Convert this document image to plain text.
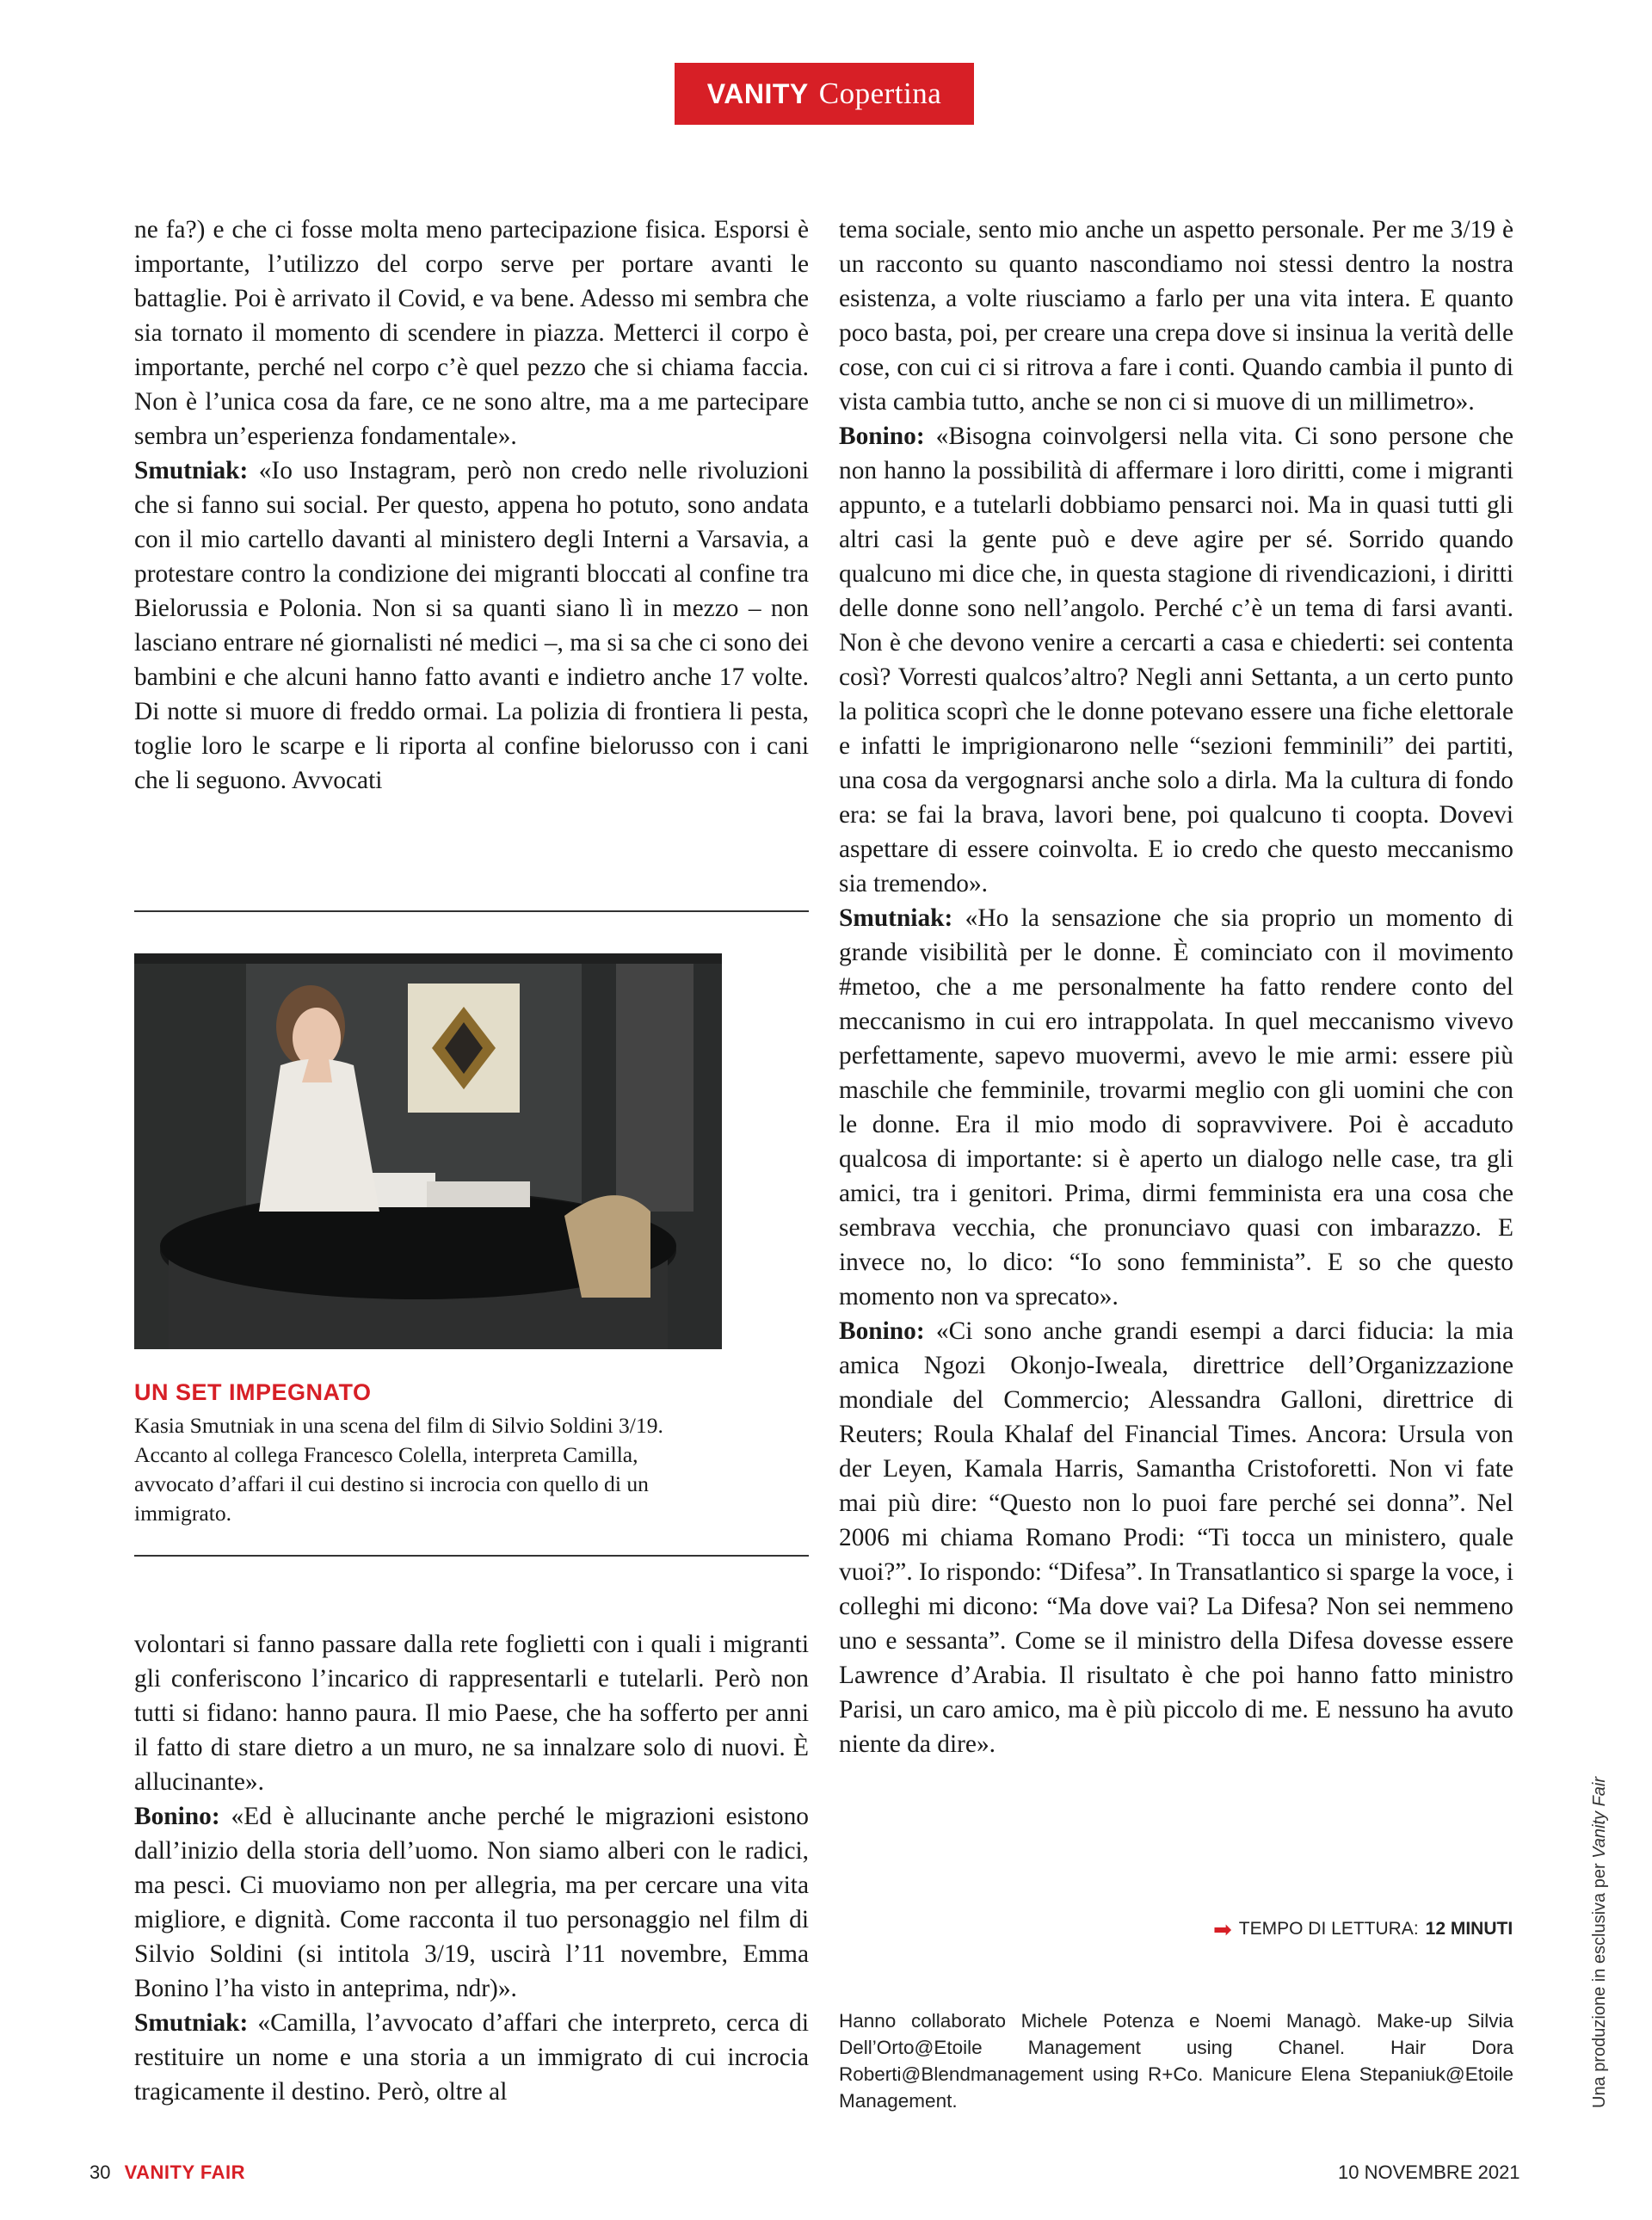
VANITY Copertina

ne fa?) e che ci fosse molta meno partecipazione fisica. Esporsi è importante, l’utilizzo del corpo serve per portare avanti le battaglie. Poi è arrivato il Covid, e va bene. Adesso mi sembra che sia tornato il momento di scendere in piazza. Metterci il corpo è importante, perché nel corpo c’è quel pezzo che si chiama faccia. Non è l’unica cosa da fare, ce ne sono altre, ma a me partecipare sembra un’esperienza fondamentale».

Smutniak: «Io uso Instagram, però non credo nelle rivoluzioni che si fanno sui social. Per questo, appena ho potuto, sono andata con il mio cartello davanti al ministero degli Interni a Varsavia, a protestare contro la condizione dei migranti bloccati al confine tra Bielorussia e Polonia. Non si sa quanti siano lì in mezzo – non lasciano entrare né giornalisti né medici –, ma si sa che ci sono dei bambini e che alcuni hanno fatto avanti e indietro anche 17 volte. Di notte si muore di freddo ormai. La polizia di frontiera li pesta, toglie loro le scarpe e li riporta al confine bielorusso con i cani che li seguono. Avvocati

UN SET IMPEGNATO
Kasia Smutniak in una scena del film di Silvio Soldini 3/19. Accanto al collega Francesco Colella, interpreta Camilla, avvocato d’affari il cui destino si incrocia con quello di un immigrato.

volontari si fanno passare dalla rete foglietti con i quali i migranti gli conferiscono l’incarico di rappresentarli e tutelarli. Però non tutti si fidano: hanno paura. Il mio Paese, che ha sofferto per anni il fatto di stare dietro a un muro, ne sa innalzare solo di nuovi. È allucinante».

Bonino: «Ed è allucinante anche perché le migrazioni esistono dall’inizio della storia dell’uomo. Non siamo alberi con le radici, ma pesci. Ci muoviamo non per allegria, ma per cercare una vita migliore, e dignità. Come racconta il tuo personaggio nel film di Silvio Soldini (si intitola 3/19, uscirà l’11 novembre, Emma Bonino l’ha visto in anteprima, ndr)».

Smutniak: «Camilla, l’avvocato d’affari che interpreto, cerca di restituire un nome e una storia a un immigrato di cui incrocia tragicamente il destino. Però, oltre al

tema sociale, sento mio anche un aspetto personale. Per me 3/19 è un racconto su quanto nascondiamo noi stessi dentro la nostra esistenza, a volte riusciamo a farlo per una vita intera. E quanto poco basta, poi, per creare una crepa dove si insinua la verità delle cose, con cui ci si ritrova a fare i conti. Quando cambia il punto di vista cambia tutto, anche se non ci si muove di un millimetro».

Bonino: «Bisogna coinvolgersi nella vita. Ci sono persone che non hanno la possibilità di affermare i loro diritti, come i migranti appunto, e a tutelarli dobbiamo pensarci noi. Ma in quasi tutti gli altri casi la gente può e deve agire per sé. Sorrido quando qualcuno mi dice che, in questa stagione di rivendicazioni, i diritti delle donne sono nell’angolo. Perché c’è un tema di farsi avanti. Non è che devono venire a cercarti a casa e chiederti: sei contenta così? Vorresti qualcos’altro? Negli anni Settanta, a un certo punto la politica scoprì che le donne potevano essere una fiche elettorale e infatti le imprigionarono nelle “sezioni femminili” dei partiti, una cosa da vergognarsi anche solo a dirla. Ma la cultura di fondo era: se fai la brava, lavori bene, poi qualcuno ti coopta. Dovevi aspettare di essere coinvolta. E io credo che questo meccanismo sia tremendo».

Smutniak: «Ho la sensazione che sia proprio un momento di grande visibilità per le donne. È cominciato con il movimento #metoo, che a me personalmente ha fatto rendere conto del meccanismo in cui ero intrappolata. In quel meccanismo vivevo perfettamente, sapevo muovermi, avevo le mie armi: essere più maschile che femminile, trovarmi meglio con gli uomini che con le donne. Era il mio modo di sopravvivere. Poi è accaduto qualcosa di importante: si è aperto un dialogo nelle case, tra gli amici, tra i genitori. Prima, dirmi femminista era una cosa che sembrava vecchia, che pronunciavo quasi con imbarazzo. E invece no, lo dico: “Io sono femminista”. E so che questo momento non va sprecato».

Bonino: «Ci sono anche grandi esempi a darci fiducia: la mia amica Ngozi Okonjo-Iweala, direttrice dell’Organizzazione mondiale del Commercio; Alessandra Galloni, direttrice di Reuters; Roula Khalaf del Financial Times. Ancora: Ursula von der Leyen, Kamala Harris, Samantha Cristoforetti. Non vi fate mai più dire: “Questo non lo puoi fare perché sei donna”. Nel 2006 mi chiama Romano Prodi: “Ti tocca un ministero, quale vuoi?”. Io rispondo: “Difesa”. In Transatlantico si sparge la voce, i colleghi mi dicono: “Ma dove vai? La Difesa? Non sei nemmeno uno e sessanta”. Come se il ministro della Difesa dovesse essere Lawrence d’Arabia. Il risultato è che poi hanno fatto ministro Parisi, un caro amico, ma è più piccolo di me. E nessuno ha avuto niente da dire».

➡ TEMPO DI LETTURA: 12 MINUTI
Hanno collaborato Michele Potenza e Noemi Managò. Make-up Silvia Dell’Orto@Etoile Management using Chanel. Hair Dora Roberti@Blendmanagement using R+Co. Manicure Elena Stepaniuk@Etoile Management.	Una produzione in esclusiva per Vanity Fair
30 VANITY FAIR	10 NOVEMBRE 2021
